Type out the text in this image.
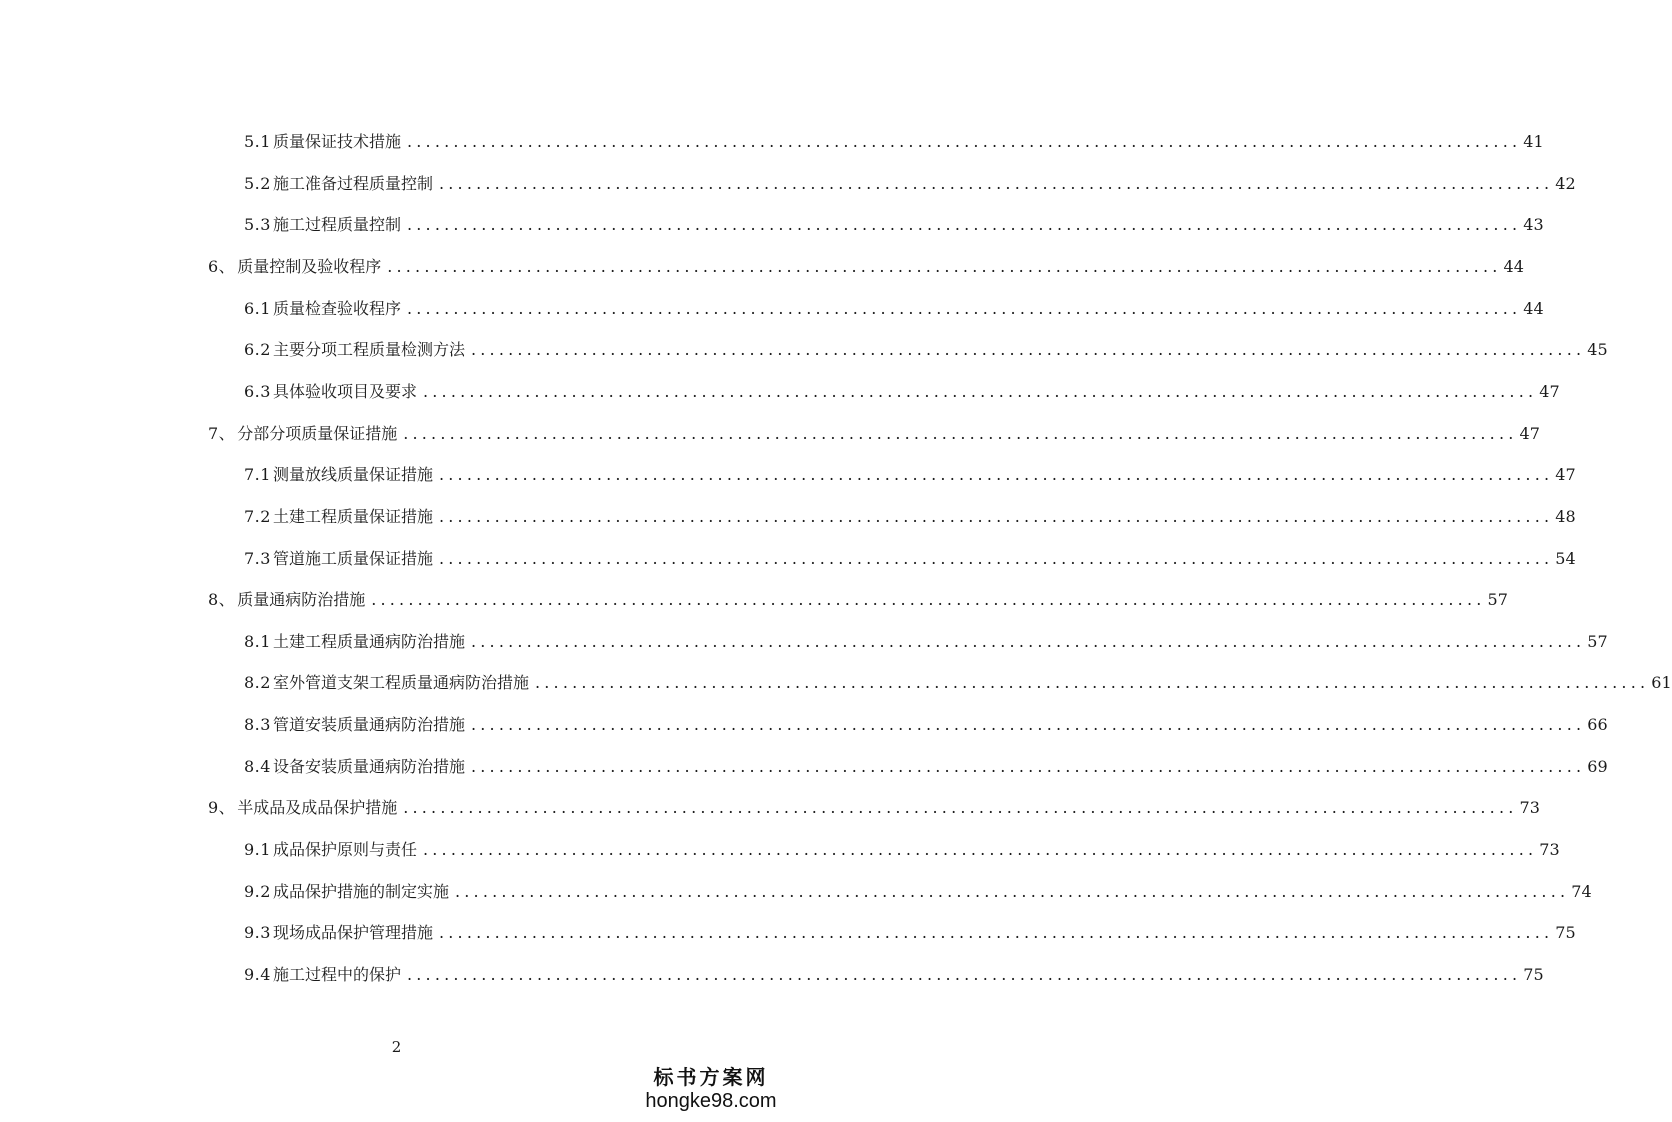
5.1 质量保证技术措施 ........................................................................................................................ 41
5.2 施工准备过程质量控制 ........................................................................................................................ 42
5.3 施工过程质量控制 ........................................................................................................................ 43
6、 质量控制及验收程序 ........................................................................................................................ 44
6.1 质量检查验收程序 ........................................................................................................................ 44
6.2 主要分项工程质量检测方法 ........................................................................................................................ 45
6.3 具体验收项目及要求 ........................................................................................................................ 47
7、 分部分项质量保证措施 ........................................................................................................................ 47
7.1 测量放线质量保证措施 ........................................................................................................................ 47
7.2 土建工程质量保证措施 ........................................................................................................................ 48
7.3 管道施工质量保证措施 ........................................................................................................................ 54
8、 质量通病防治措施 ........................................................................................................................ 57
8.1 土建工程质量通病防治措施 ........................................................................................................................ 57
8.2 室外管道支架工程质量通病防治措施 ........................................................................................................................ 61
8.3 管道安装质量通病防治措施 ........................................................................................................................ 66
8.4 设备安装质量通病防治措施 ........................................................................................................................ 69
9、 半成品及成品保护措施 ........................................................................................................................ 73
9.1 成品保护原则与责任 ........................................................................................................................ 73
9.2 成品保护措施的制定实施 ........................................................................................................................ 74
9.3 现场成品保护管理措施 ........................................................................................................................ 75
9.4 施工过程中的保护 ........................................................................................................................ 75
2
标书方案网
hongke98.com
